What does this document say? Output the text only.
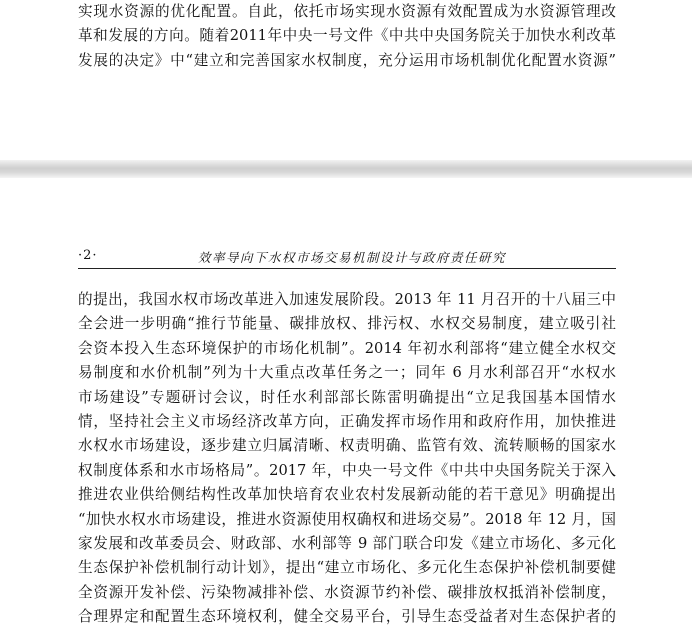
实现水资源的优化配置。自此，依托市场实现水资源有效配置成为水资源管理改
革和发展的方向。随着2011年中央一号文件《中共中央国务院关于加快水利改革
发展的决定》中“建立和完善国家水权制度，充分运用市场机制优化配置水资源”
·2·	效率导向下水权市场交易机制设计与政府责任研究
的提出，我国水权市场改革进入加速发展阶段。2013 年 11 月召开的十八届三中
全会进一步明确“推行节能量、碳排放权、排污权、水权交易制度，建立吸引社
会资本投入生态环境保护的市场化机制”。2014 年初水利部将“建立健全水权交
易制度和水价机制”列为十大重点改革任务之一；同年 6 月水利部召开“水权水
市场建设”专题研讨会议，时任水利部部长陈雷明确提出“立足我国基本国情水
情，坚持社会主义市场经济改革方向，正确发挥市场作用和政府作用，加快推进
水权水市场建设，逐步建立归属清晰、权责明确、监管有效、流转顺畅的国家水
权制度体系和水市场格局”。2017 年，中央一号文件《中共中央国务院关于深入
推进农业供给侧结构性改革加快培育农业农村发展新动能的若干意见》明确提出
“加快水权水市场建设，推进水资源使用权确权和进场交易”。2018 年 12 月，国
家发展和改革委员会、财政部、水利部等 9 部门联合印发《建立市场化、多元化
生态保护补偿机制行动计划》，提出“建立市场化、多元化生态保护补偿机制要健
全资源开发补偿、污染物减排补偿、水资源节约补偿、碳排放权抵消补偿制度，
合理界定和配置生态环境权利，健全交易平台，引导生态受益者对生态保护者的
